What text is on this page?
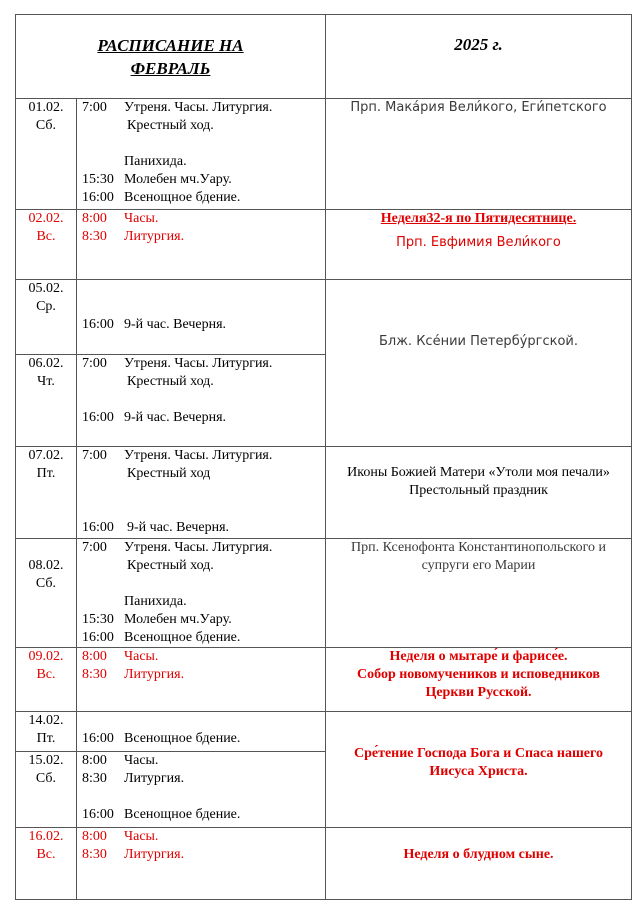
РАСПИСАНИЕ НА
ФЕВРАЛЬ		2025 г.
01.02.
Сб.	7:00 Утреня. Часы. Литургия.
Крестный ход.
Панихида.
15:30 Молебен мч.Уару.
16:00 Всенощное бдение.	Прп. Мака́рия Вели́кого, Еги́петского
02.02.
Вс.	8:00 Часы.
8:30 Литургия.	Неделя32-я по Пятидесятнице.
Прп. Евфимия Вели́кого
05.02.
Ср.	16:00 9-й час. Вечерня.	Блж. Ксе́нии Петербу́ргской.
06.02.
Чт.	7:00 Утреня. Часы. Литургия.
Крестный ход.
16:00 9-й час. Вечерня.	

07.02.
Пт.	7:00 Утреня. Часы. Литургия.
Крестный ход
16:00 9-й час. Вечерня.	Иконы Божией Матери «Утоли моя печали»
Престольный праздник
08.02.
Сб.	7:00 Утреня. Часы. Литургия.
Крестный ход.
Панихида.
15:30 Молебен мч.Уару.
16:00 Всенощное бдение.	Прп. Ксенофонта Константинопольского и
супруги его Марии
09.02.
Вс.	8:00 Часы.
8:30 Литургия.	Неделя о мытаре́ и фарисе́е.
Собор новомучеников и исповедников
Церкви Русской.
14.02.
Пт.	16:00 Всенощное бдение.	Сре́тение Господа Бога и Спаса нашего
Иисуса Христа.
15.02.
Сб.	8:00 Часы.
8:30 Литургия.
16:00 Всенощное бдение.	

16.02.
Вс.	8:00 Часы.
8:30 Литургия.	Неделя о блудном сыне.
